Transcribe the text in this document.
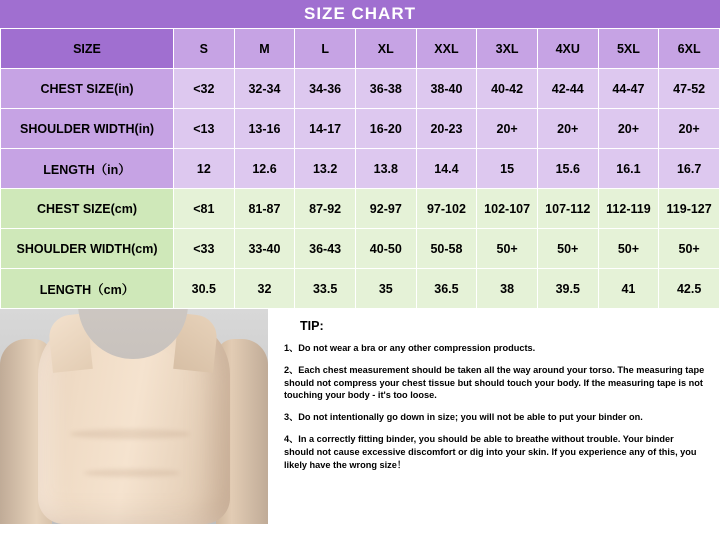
SIZE CHART
SIZE	S	M	L	XL	XXL	3XL	4XU	5XL	6XL
CHEST SIZE(in)	<32	32-34	34-36	36-38	38-40	40-42	42-44	44-47	47-52
SHOULDER WIDTH(in)	<13	13-16	14-17	16-20	20-23	20+	20+	20+	20+
LENGTH（in）	12	12.6	13.2	13.8	14.4	15	15.6	16.1	16.7
CHEST SIZE(cm)	<81	81-87	87-92	92-97	97-102	102-107	107-112	112-119	119-127
SHOULDER WIDTH(cm)	<33	33-40	36-43	40-50	50-58	50+	50+	50+	50+
LENGTH（cm）	30.5	32	33.5	35	36.5	38	39.5	41	42.5
TIP:

1、Do not wear a bra or any other compression products.

2、Each chest measurement should be taken all the way around your torso. The measuring tape should not compress your chest tissue but should touch your body. If the measuring tape is not touching your body - it's too loose.

3、Do not intentionally go down in size; you will not be able to put your binder on.

4、In a correctly fitting binder, you should be able to breathe without trouble. Your binder should not cause excessive discomfort or dig into your skin. If you experience any of this, you likely have the wrong size！
